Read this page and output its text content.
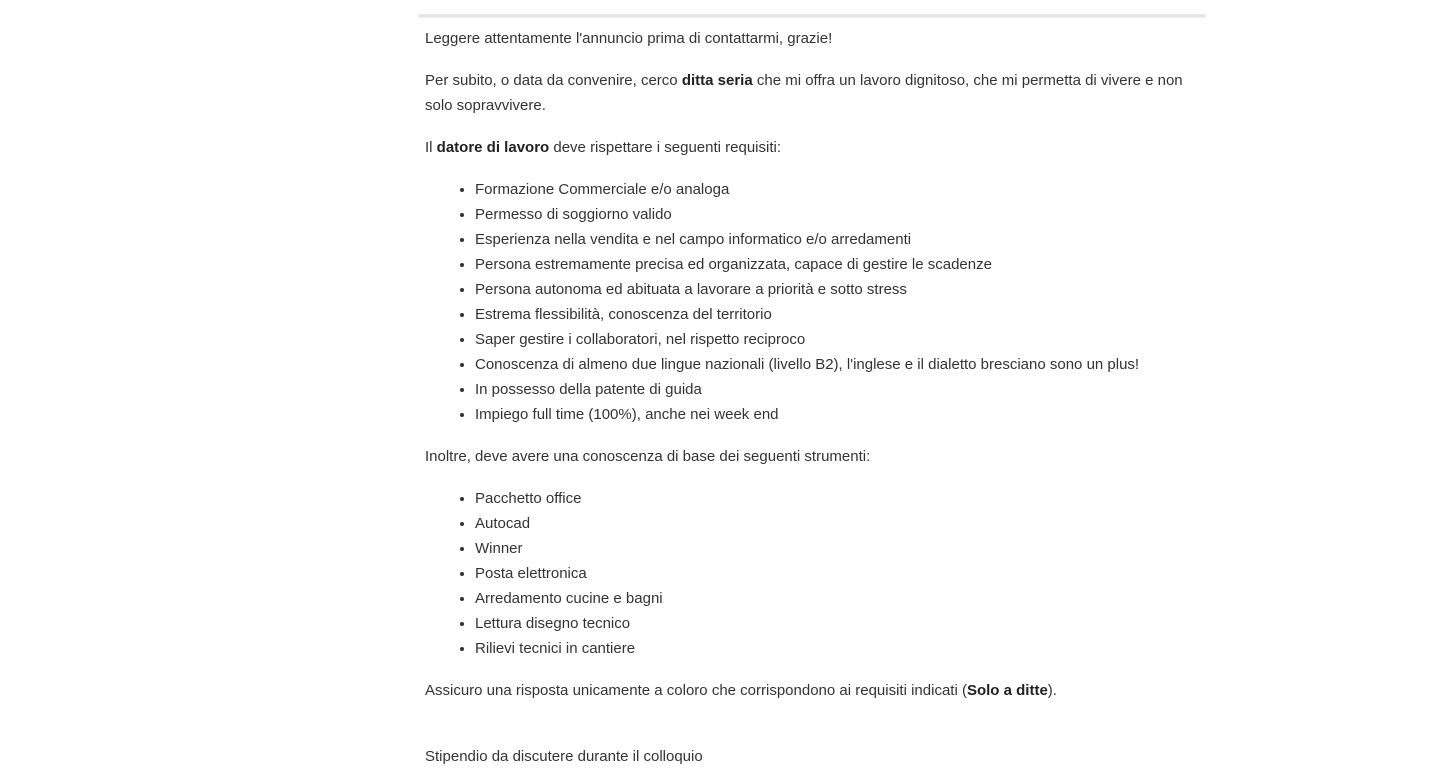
Leggere attentamente l'annuncio prima di contattarmi, grazie!

Per subito, o data da convenire, cerco ditta seria che mi offra un lavoro dignitoso, che mi permetta di vivere e non solo sopravvivere.

Il datore di lavoro deve rispettare i seguenti requisiti:

• Formazione Commerciale e/o analoga
• Permesso di soggiorno valido
• Esperienza nella vendita e nel campo informatico e/o arredamenti
• Persona estremamente precisa ed organizzata, capace di gestire le scadenze
• Persona autonoma ed abituata a lavorare a priorità e sotto stress
• Estrema flessibilità, conoscenza del territorio
• Saper gestire i collaboratori, nel rispetto reciproco
• Conoscenza di almeno due lingue nazionali (livello B2), l'inglese e il dialetto bresciano sono un plus!
• In possesso della patente di guida
• Impiego full time (100%), anche nei week end

Inoltre, deve avere una conoscenza di base dei seguenti strumenti:

• Pacchetto office
• Autocad
• Winner
• Posta elettronica
• Arredamento cucine e bagni
• Lettura disegno tecnico
• Rilievi tecnici in cantiere

Assicuro una risposta unicamente a coloro che corrispondono ai requisiti indicati (Solo a ditte).

Stipendio da discutere durante il colloquio
